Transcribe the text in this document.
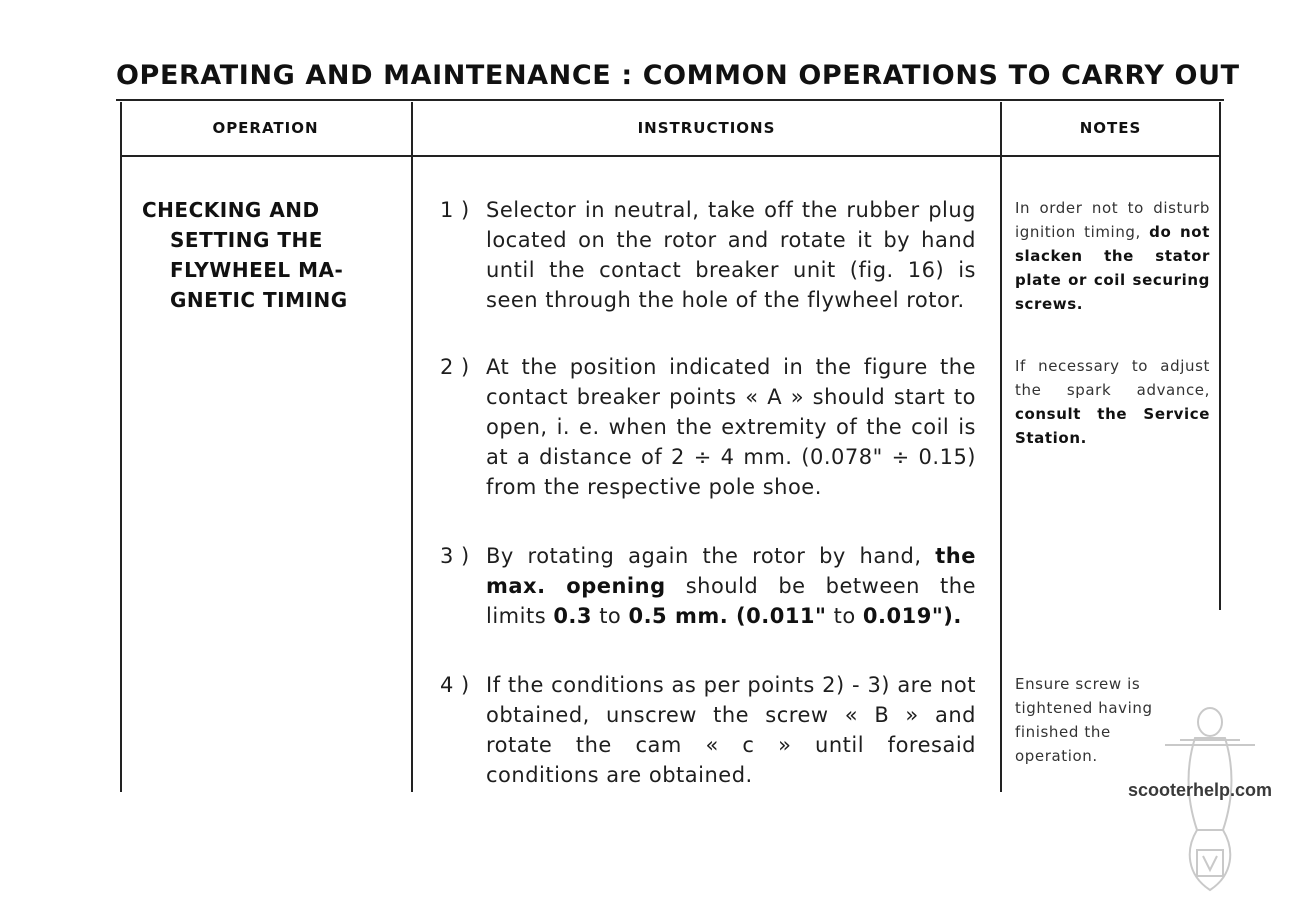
OPERATING AND MAINTENANCE : COMMON OPERATIONS TO CARRY OUT
OPERATION	INSTRUCTIONS	NOTES
CHECKING AND
SETTING THE
FLYWHEEL MA-
GNETIC TIMING
1 ) Selector in neutral, take off the rubber plug located on the rotor and rotate it by hand until the contact breaker unit (fig. 16) is seen through the hole of the flywheel rotor.
2 ) At the position indicated in the figure the contact breaker points « A » should start to open, i. e. when the extremity of the coil is at a distance of 2 ÷ 4 mm. (0.078" ÷ 0.15) from the respective pole shoe.
3 ) By rotating again the rotor by hand, the max. opening should be between the limits 0.3 to 0.5 mm. (0.011" to 0.019").
4 ) If the conditions as per points 2) - 3) are not obtained, unscrew the screw « B » and rotate the cam « c » until foresaid conditions are obtained.
In order not to disturb ignition timing, do not slacken the stator plate or coil securing screws.
If necessary to adjust the spark advance, consult the Service Station.
Ensure screw is tightened having finished the operation.
scooterhelp.com
